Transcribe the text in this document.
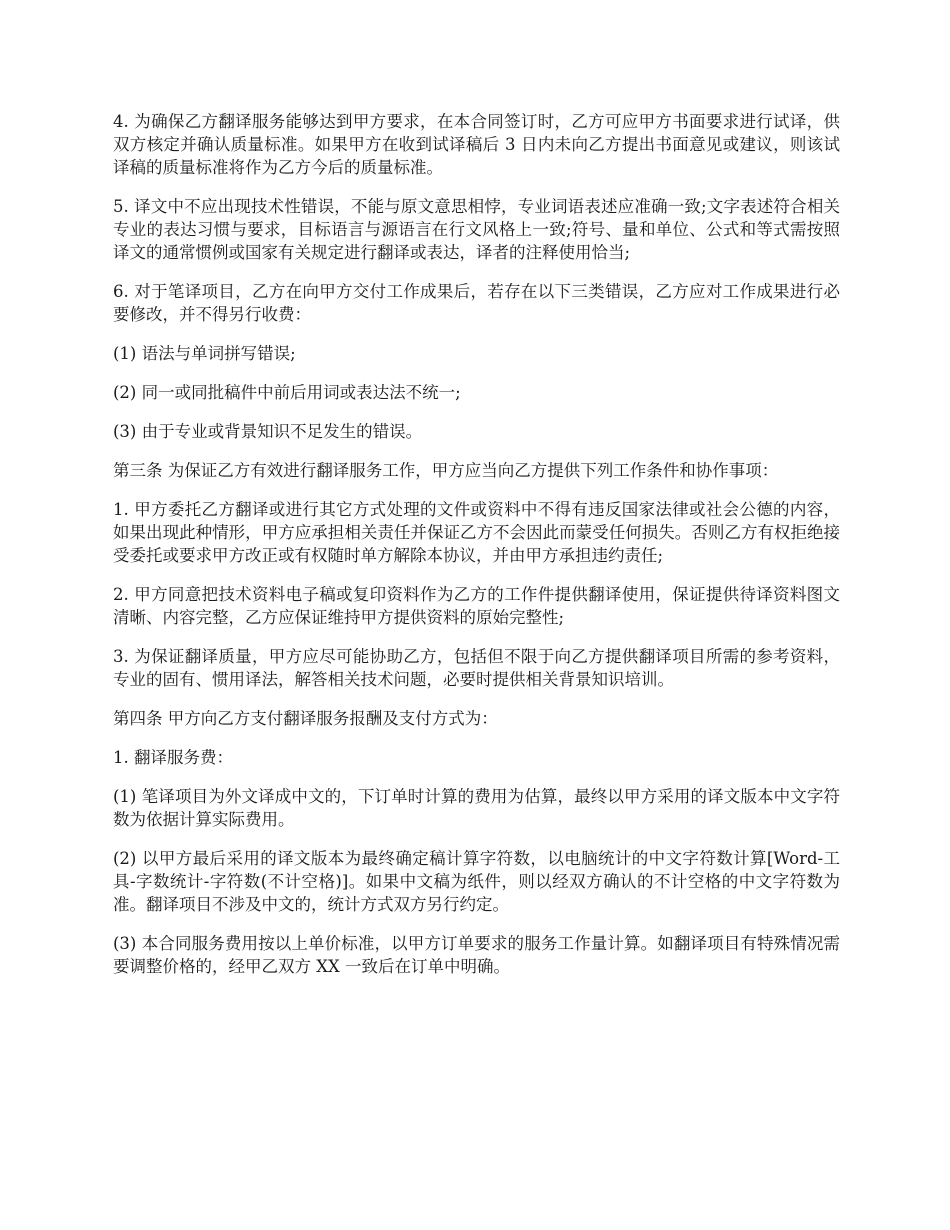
4. 为确保乙方翻译服务能够达到甲方要求，在本合同签订时，乙方可应甲方书面要求进行试译，供双方核定并确认质量标准。如果甲方在收到试译稿后 3 日内未向乙方提出书面意见或建议，则该试译稿的质量标准将作为乙方今后的质量标准。

5. 译文中不应出现技术性错误，不能与原文意思相悖，专业词语表述应准确一致;文字表述符合相关专业的表达习惯与要求，目标语言与源语言在行文风格上一致;符号、量和单位、公式和等式需按照译文的通常惯例或国家有关规定进行翻译或表达，译者的注释使用恰当;

6. 对于笔译项目，乙方在向甲方交付工作成果后，若存在以下三类错误，乙方应对工作成果进行必要修改，并不得另行收费：

(1) 语法与单词拼写错误;

(2) 同一或同批稿件中前后用词或表达法不统一;

(3) 由于专业或背景知识不足发生的错误。

第三条 为保证乙方有效进行翻译服务工作，甲方应当向乙方提供下列工作条件和协作事项：

1. 甲方委托乙方翻译或进行其它方式处理的文件或资料中不得有违反国家法律或社会公德的内容，如果出现此种情形，甲方应承担相关责任并保证乙方不会因此而蒙受任何损失。否则乙方有权拒绝接受委托或要求甲方改正或有权随时单方解除本协议，并由甲方承担违约责任;

2. 甲方同意把技术资料电子稿或复印资料作为乙方的工作件提供翻译使用，保证提供待译资料图文清晰、内容完整，乙方应保证维持甲方提供资料的原始完整性;

3. 为保证翻译质量，甲方应尽可能协助乙方，包括但不限于向乙方提供翻译项目所需的参考资料，专业的固有、惯用译法，解答相关技术问题，必要时提供相关背景知识培训。

第四条 甲方向乙方支付翻译服务报酬及支付方式为：

1. 翻译服务费：

(1) 笔译项目为外文译成中文的，下订单时计算的费用为估算，最终以甲方采用的译文版本中文字符数为依据计算实际费用。

(2) 以甲方最后采用的译文版本为最终确定稿计算字符数，以电脑统计的中文字符数计算[Word-工具-字数统计-字符数(不计空格)]。如果中文稿为纸件，则以经双方确认的不计空格的中文字符数为准。翻译项目不涉及中文的，统计方式双方另行约定。

(3) 本合同服务费用按以上单价标准，以甲方订单要求的服务工作量计算。如翻译项目有特殊情况需要调整价格的，经甲乙双方 XX 一致后在订单中明确。
